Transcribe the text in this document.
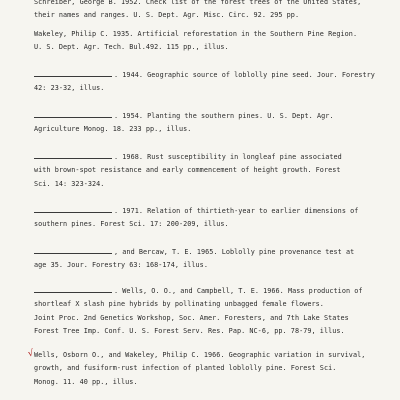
Schreiber, George B. 1952. Check list of the forest trees of the United States,
their names and ranges. U. S. Dept. Agr. Misc. Circ. 92. 295 pp.
Wakeley, Philip C. 1935. Artificial reforestation in the Southern Pine Region.
U. S. Dept. Agr. Tech. Bul.492. 115 pp., illus.
. 1944. Geographic source of loblolly pine seed. Jour. Forestry
42: 23-32, illus.
. 1954. Planting the southern pines. U. S. Dept. Agr.
Agriculture Monog. 18. 233 pp., illus.
. 1968. Rust susceptibility in longleaf pine associated
with brown-spot resistance and early commencement of height growth. Forest
Sci. 14: 323-324.
. 1971. Relation of thirtieth-year to earlier dimensions of
southern pines. Forest Sci. 17: 200-209, illus.
, and Bercaw, T. E. 1965. Loblolly pine provenance test at
age 35. Jour. Forestry 63: 168-174, illus.
. Wells, O. O., and Campbell, T. E. 1966. Mass production of
shortleaf X slash pine hybrids by pollinating unbagged female flowers.
Joint Proc. 2nd Genetics Workshop, Soc. Amer. Foresters, and 7th Lake States
Forest Tree Imp. Conf. U. S. Forest Serv. Res. Pap. NC-6, pp. 78-79, illus.
√ Wells, Osborn O., and Wakeley, Philip C. 1966. Geographic variation in survival,
growth, and fusiform-rust infection of planted loblolly pine. Forest Sci.
Monog. 11. 40 pp., illus.
